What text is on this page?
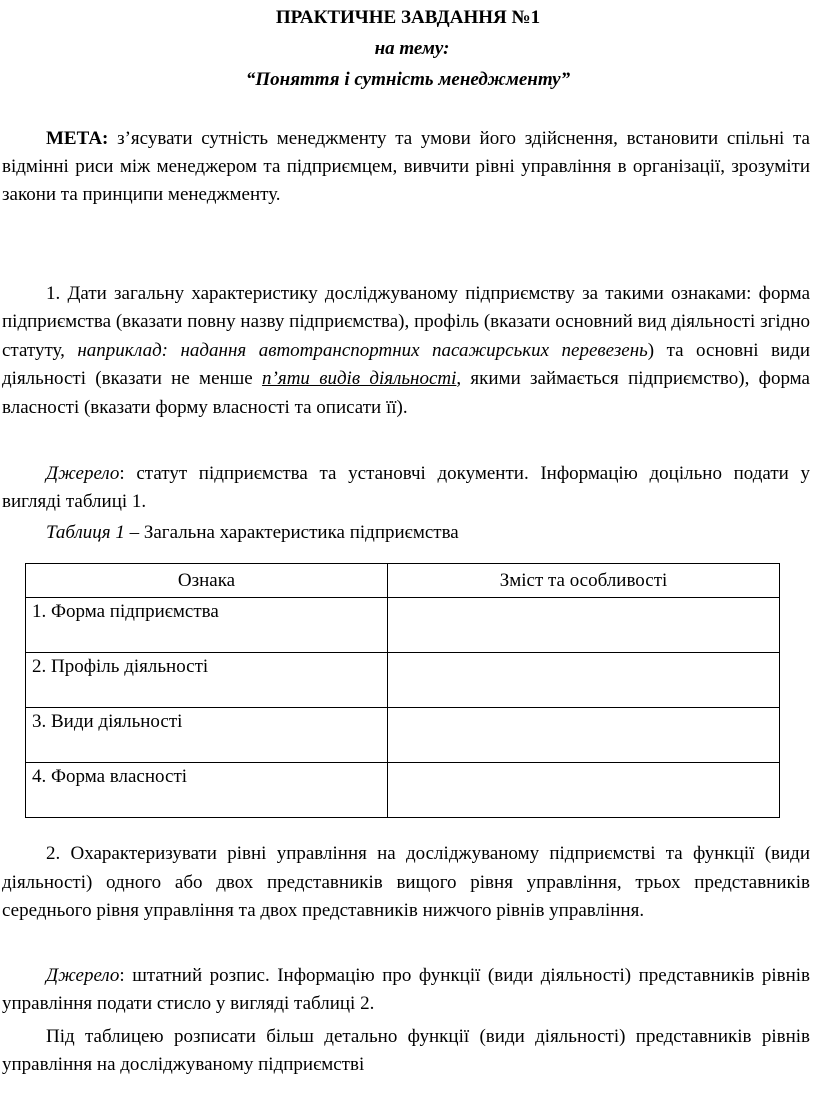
ПРАКТИЧНЕ ЗАВДАННЯ №1
на тему:
“Поняття і сутність менеджменту”
МЕТА: з’ясувати сутність менеджменту та умови його здійснення, встановити спільні та відмінні риси між менеджером та підприємцем, вивчити рівні управління в організації, зрозуміти закони та принципи менеджменту.
1. Дати загальну характеристику досліджуваному підприємству за такими ознаками: форма підприємства (вказати повну назву підприємства), профіль (вказати основний вид діяльності згідно статуту, наприклад: надання автотранспортних пасажирських перевезень) та основні види діяльності (вказати не менше п’яти видів діяльності, якими займається підприємство), форма власності (вказати форму власності та описати її).
Джерело: статут підприємства та установчі документи. Інформацію доцільно подати у вигляді таблиці 1.
Таблиця 1 – Загальна характеристика підприємства
Ознака	Зміст та особливості
1. Форма підприємства	
2. Профіль діяльності	
3. Види діяльності	
4. Форма власності	
2. Охарактеризувати рівні управління на досліджуваному підприємстві та функції (види діяльності) одного або двох представників вищого рівня управління, трьох представників середнього рівня управління та двох представників нижчого рівнів управління.
Джерело: штатний розпис. Інформацію про функції (види діяльності) представників рівнів управління подати стисло у вигляді таблиці 2.
Під таблицею розписати більш детально функції (види діяльності) представників рівнів управління на досліджуваному підприємстві
